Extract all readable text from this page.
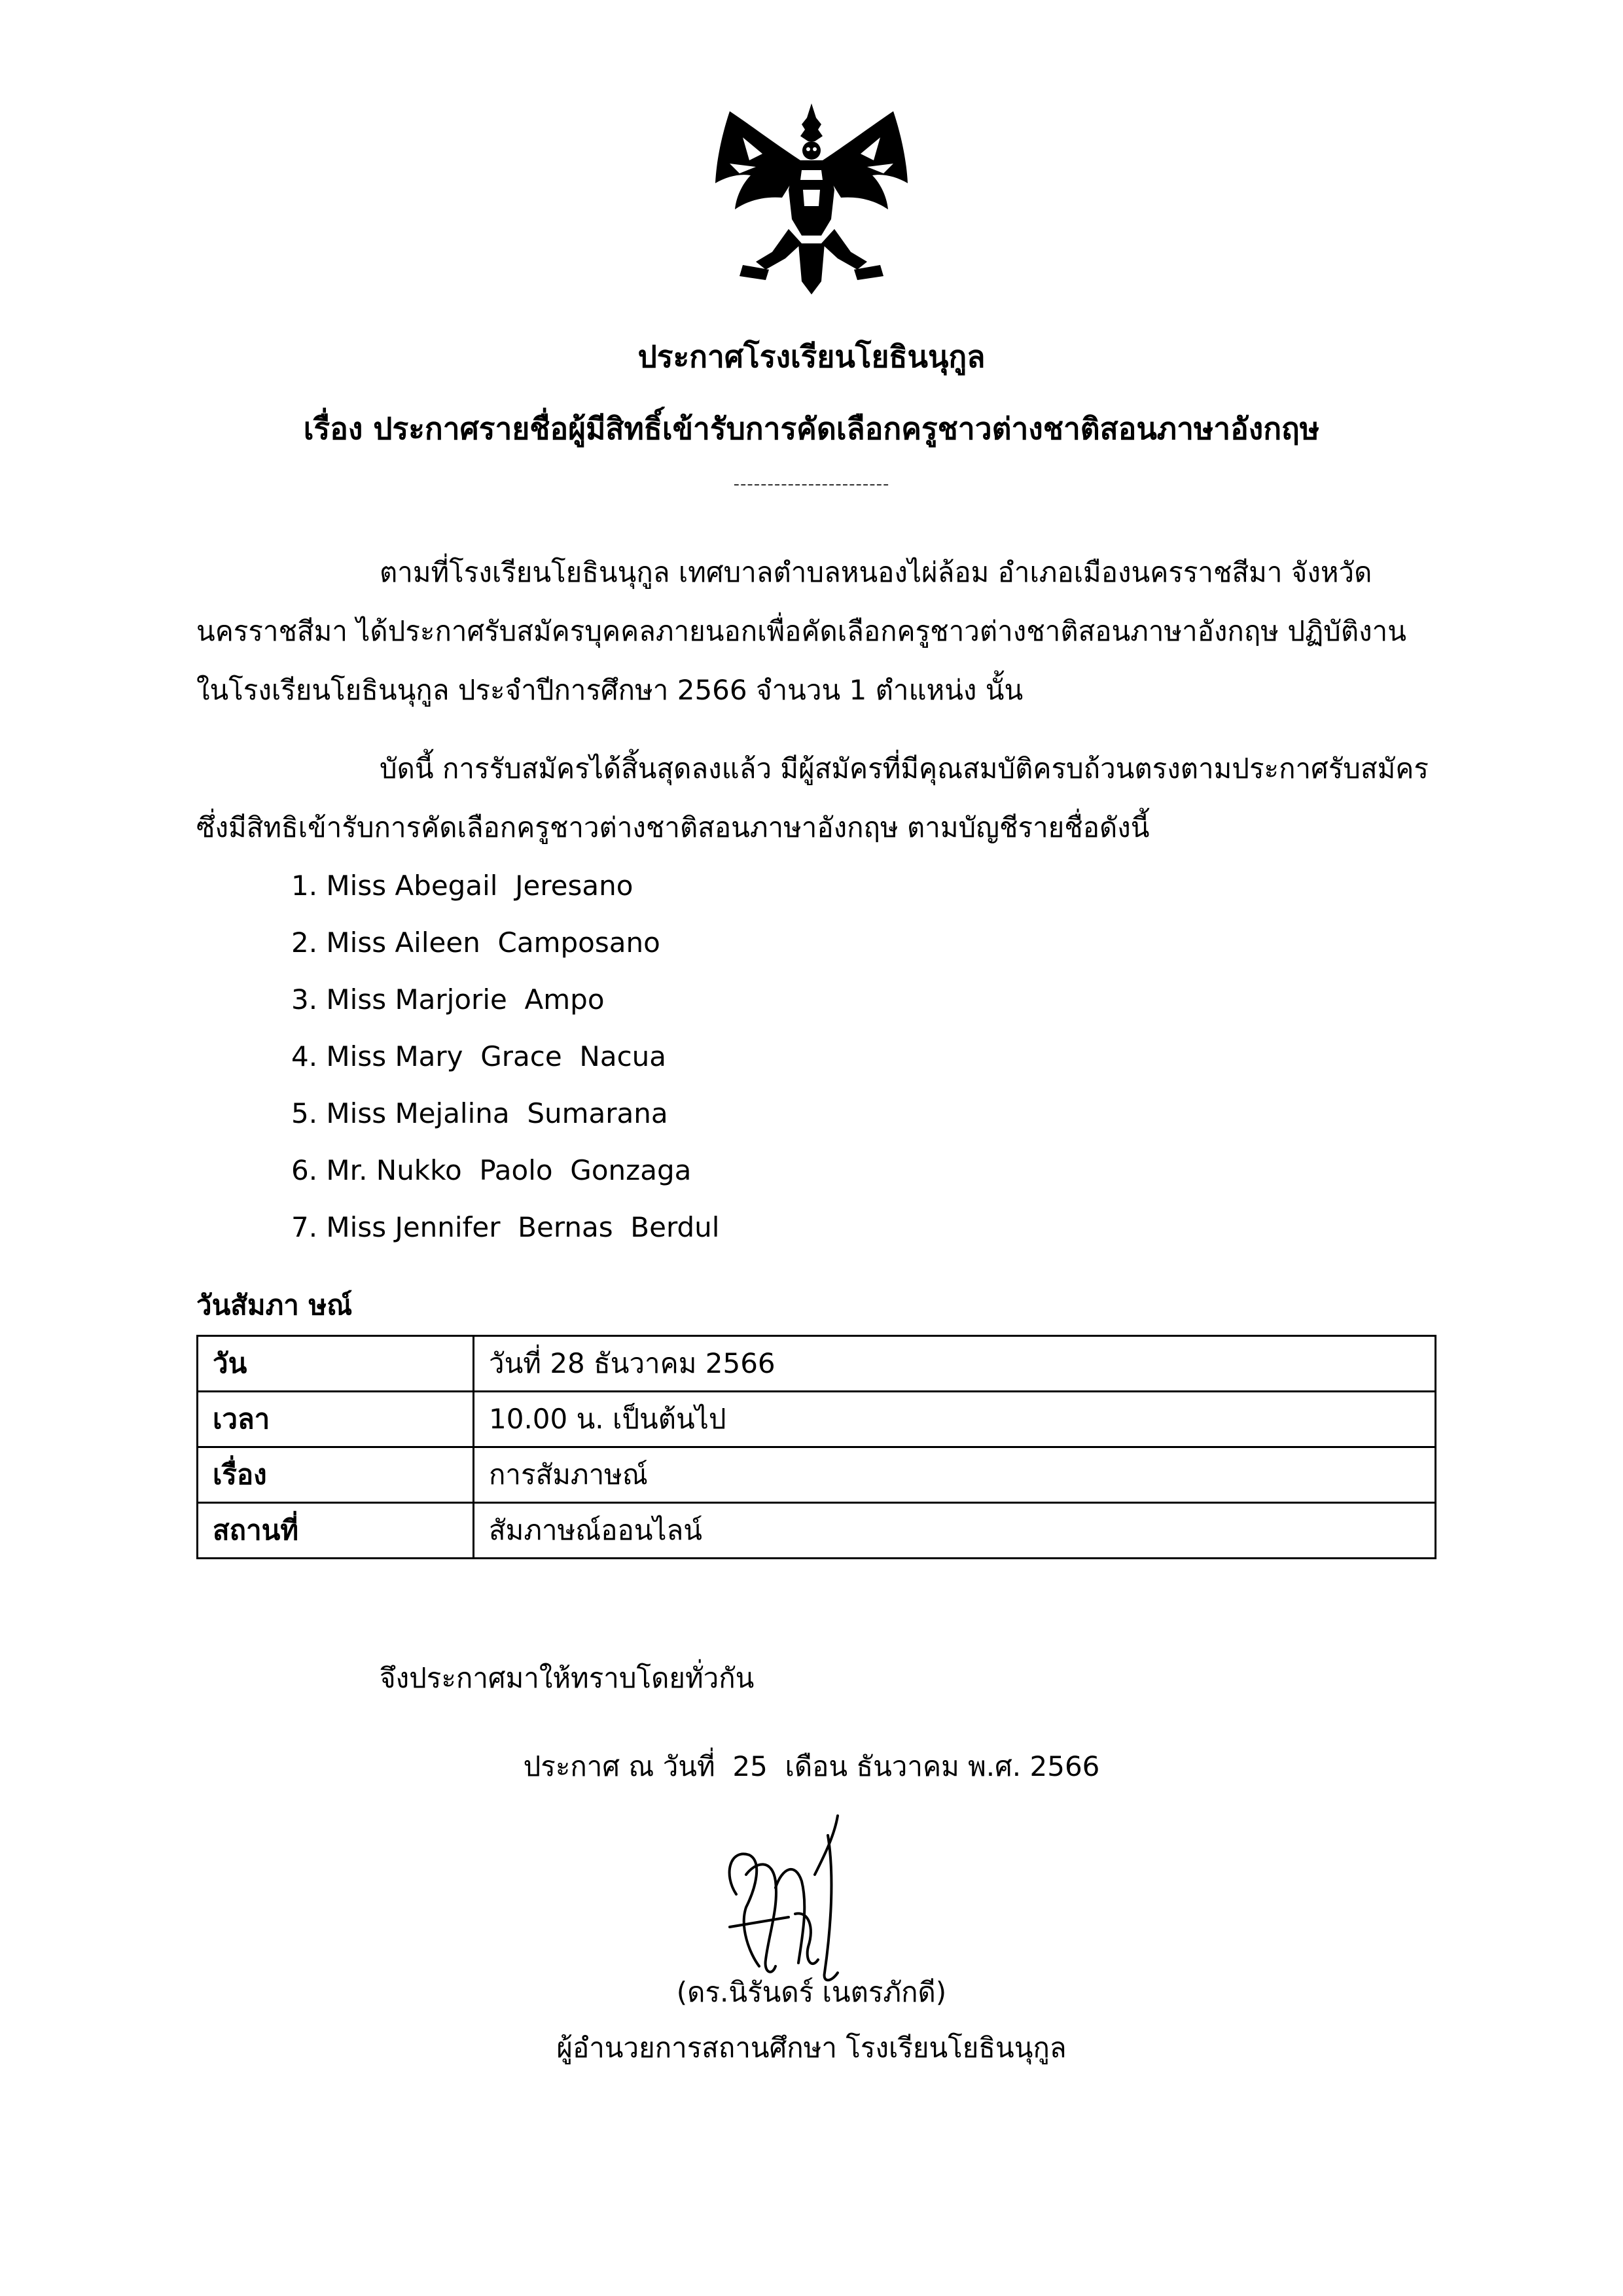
ประกาศโรงเรียนโยธินนุกูล
เรื่อง ประกาศรายชื่อผู้มีสิทธิ์เข้ารับการคัดเลือกครูชาวต่างชาติสอนภาษาอังกฤษ
-----------------------
ตามที่โรงเรียนโยธินนุกูล เทศบาลตำบลหนองไผ่ล้อม อำเภอเมืองนครราชสีมา จังหวัดนครราชสีมา ได้ประกาศรับสมัครบุคคลภายนอกเพื่อคัดเลือกครูชาวต่างชาติสอนภาษาอังกฤษ ปฏิบัติงานในโรงเรียนโยธินนุกูล ประจำปีการศึกษา 2566 จำนวน 1 ตำแหน่ง นั้น
บัดนี้ การรับสมัครได้สิ้นสุดลงแล้ว มีผู้สมัครที่มีคุณสมบัติครบถ้วนตรงตามประกาศรับสมัครซึ่งมีสิทธิเข้ารับการคัดเลือกครูชาวต่างชาติสอนภาษาอังกฤษ ตามบัญชีรายชื่อดังนี้
1. Miss Abegail  Jeresano
2. Miss Aileen  Camposano
3. Miss Marjorie  Ampo
4. Miss Mary  Grace  Nacua
5. Miss Mejalina  Sumarana
6. Mr. Nukko  Paolo  Gonzaga
7. Miss Jennifer  Bernas  Berdul
วันสัมภา ษณ์
วัน	วันที่ 28 ธันวาคม 2566
เวลา	10.00 น. เป็นต้นไป
เรื่อง	การสัมภาษณ์
สถานที่	สัมภาษณ์ออนไลน์
จึงประกาศมาให้ทราบโดยทั่วกัน
ประกาศ ณ วันที่  25  เดือน ธันวาคม พ.ศ. 2566
(ดร.นิรันดร์ เนตรภักดี)
ผู้อำนวยการสถานศึกษา โรงเรียนโยธินนุกูล
